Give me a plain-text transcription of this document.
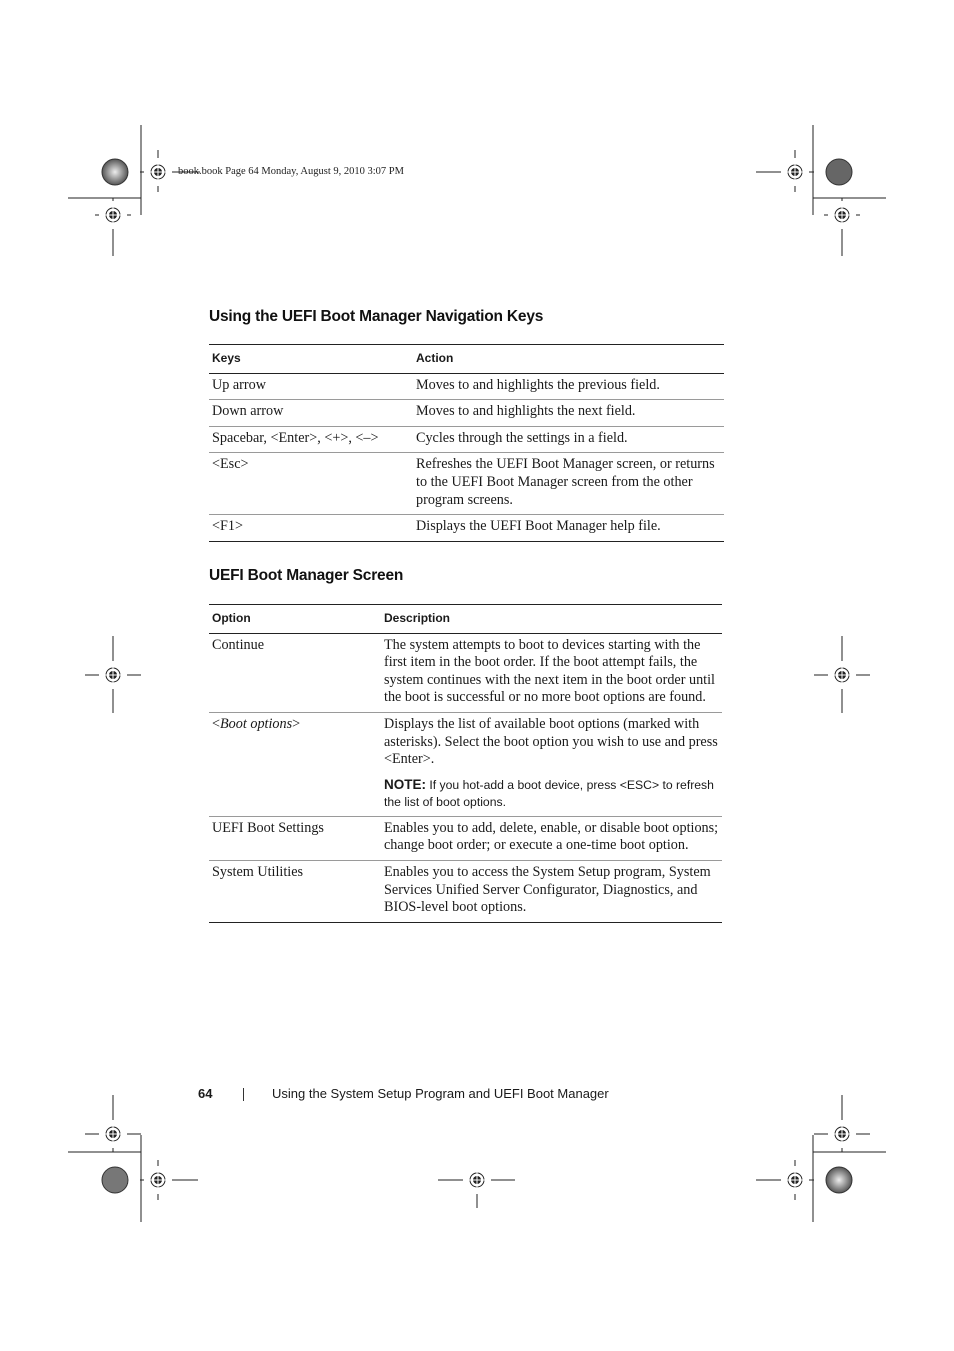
book.book Page 64 Monday, August 9, 2010 3:07 PM
Using the UEFI Boot Manager Navigation Keys
Keys	Action
Up arrow	Moves to and highlights the previous field.
Down arrow	Moves to and highlights the next field.
Spacebar, <Enter>, <+>, <–>	Cycles through the settings in a field.
<Esc>	Refreshes the UEFI Boot Manager screen, or returns to the UEFI Boot Manager screen from the other program screens.
<F1>	Displays the UEFI Boot Manager help file.
UEFI Boot Manager Screen
Option	Description
Continue	The system attempts to boot to devices starting with the first item in the boot order. If the boot attempt fails, the system continues with the next item in the boot order until the boot is successful or no more boot options are found.
<Boot options>	Displays the list of available boot options (marked with asterisks). Select the boot option you wish to use and press <Enter>.
NOTE: If you hot-add a boot device, press <ESC> to refresh the list of boot options.

UEFI Boot Settings	Enables you to add, delete, enable, or disable boot options; change boot order; or execute a one-time boot option.
System Utilities	Enables you to access the System Setup program, System Services Unified Server Configurator, Diagnostics, and BIOS-level boot options.
64	Using the System Setup Program and UEFI Boot Manager
